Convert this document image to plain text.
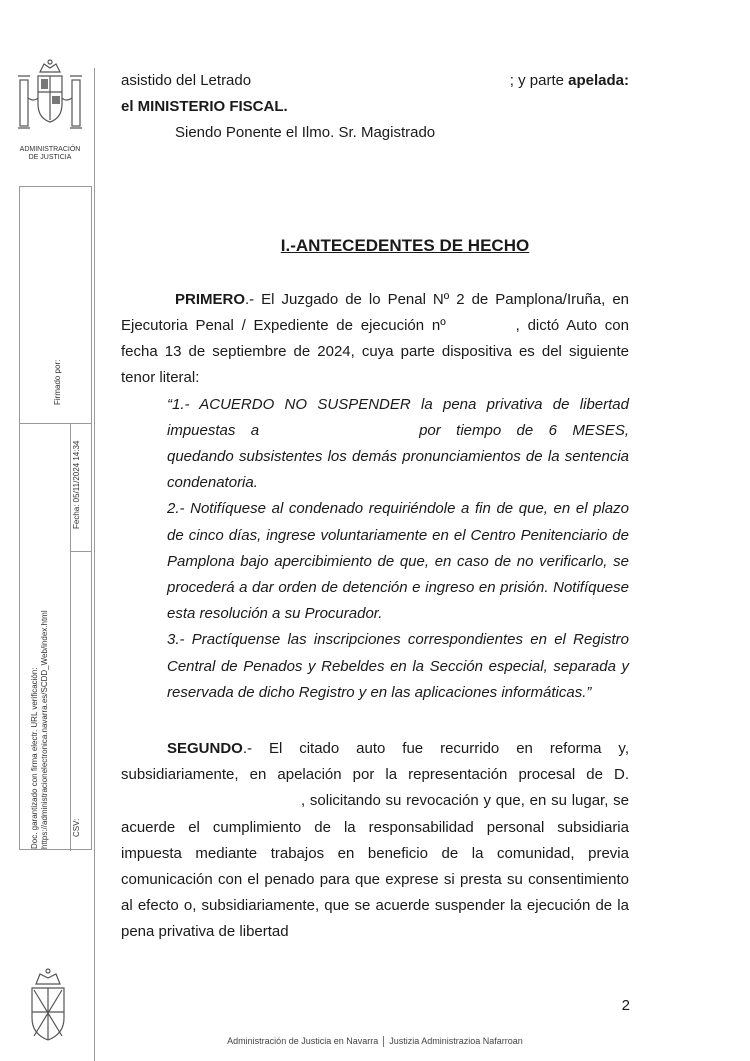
ADMINISTRACIÓN
DE JUSTICIA
Firmado por:
Fecha: 05/11/2024 14:34
Doc. garantizado con firma electr. URL verificación: https://administracionelectronica.navarra.es/SCDD_Web/index.html	CSV:

asistido del Letrado	; y parte apelada:

el MINISTERIO FISCAL.

Siendo Ponente el Ilmo. Sr. Magistrado

I.-ANTECEDENTES DE HECHO

PRIMERO.- El Juzgado de lo Penal Nº 2 de Pamplona/Iruña, en Ejecutoria Penal / Expediente de ejecución nº	, dictó Auto con fecha 13 de septiembre de 2024, cuya parte dispositiva es del siguiente tenor literal:

“1.- ACUERDO NO SUSPENDER la pena privativa de libertad impuestas a	por tiempo de 6 MESES, quedando subsistentes los demás pronunciamientos de la sentencia condenatoria.

2.- Notifíquese al condenado requiriéndole a fin de que, en el plazo de cinco días, ingrese voluntariamente en el Centro Penitenciario de Pamplona bajo apercibimiento de que, en caso de no verificarlo, se procederá a dar orden de detención e ingreso en prisión. Notifíquese esta resolución a su Procurador.

3.- Practíquense las inscripciones correspondientes en el Registro Central de Penados y Rebeldes en la Sección especial, separada y reservada de dicho Registro y en las aplicaciones informáticas.”

SEGUNDO.- El citado auto fue recurrido en reforma y, subsidiariamente, en apelación por la representación procesal de D., solicitando su revocación y que, en su lugar, se acuerde el cumplimiento de la responsabilidad personal subsidiaria impuesta mediante trabajos en beneficio de la comunidad, previa comunicación con el penado para que exprese si presta su consentimiento al efecto o, subsidiariamente, que se acuerde suspender la ejecución de la pena privativa de libertad

2
Administración de Justicia en Navarra Justizia Administrazioa Nafarroan
